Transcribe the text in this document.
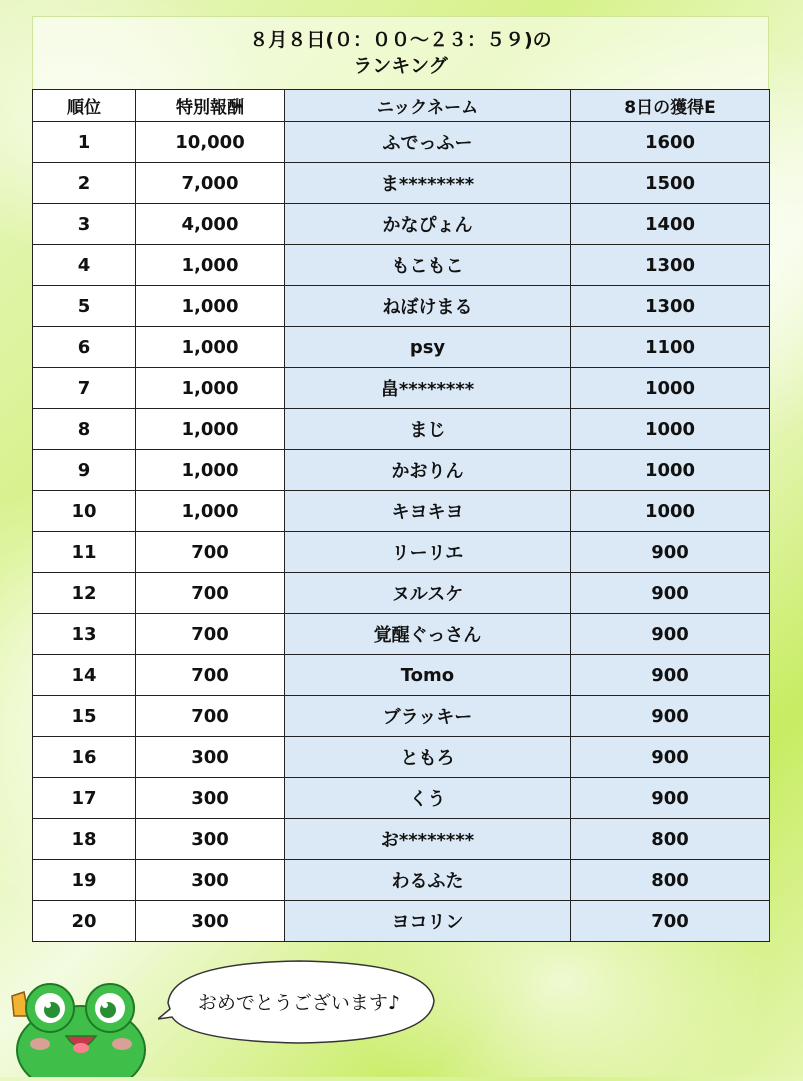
８月８日(０：００～２３：５９)の
ランキング
順位	特別報酬	ニックネーム	8日の獲得E
1	10,000	ふでっふー	1600
2	7,000	ま********	1500
3	4,000	かなぴょん	1400
4	1,000	もこもこ	1300
5	1,000	ねぼけまる	1300
6	1,000	psy	1100
7	1,000	畠********	1000
8	1,000	まじ	1000
9	1,000	かおりん	1000
10	1,000	キヨキヨ	1000
11	700	リーリエ	900
12	700	ヌルスケ	900
13	700	覚醒ぐっさん	900
14	700	Tomo	900
15	700	ブラッキー	900
16	300	ともろ	900
17	300	くう	900
18	300	お********	800
19	300	わるふた	800
20	300	ヨコリン	700
おめでとうございます♪
